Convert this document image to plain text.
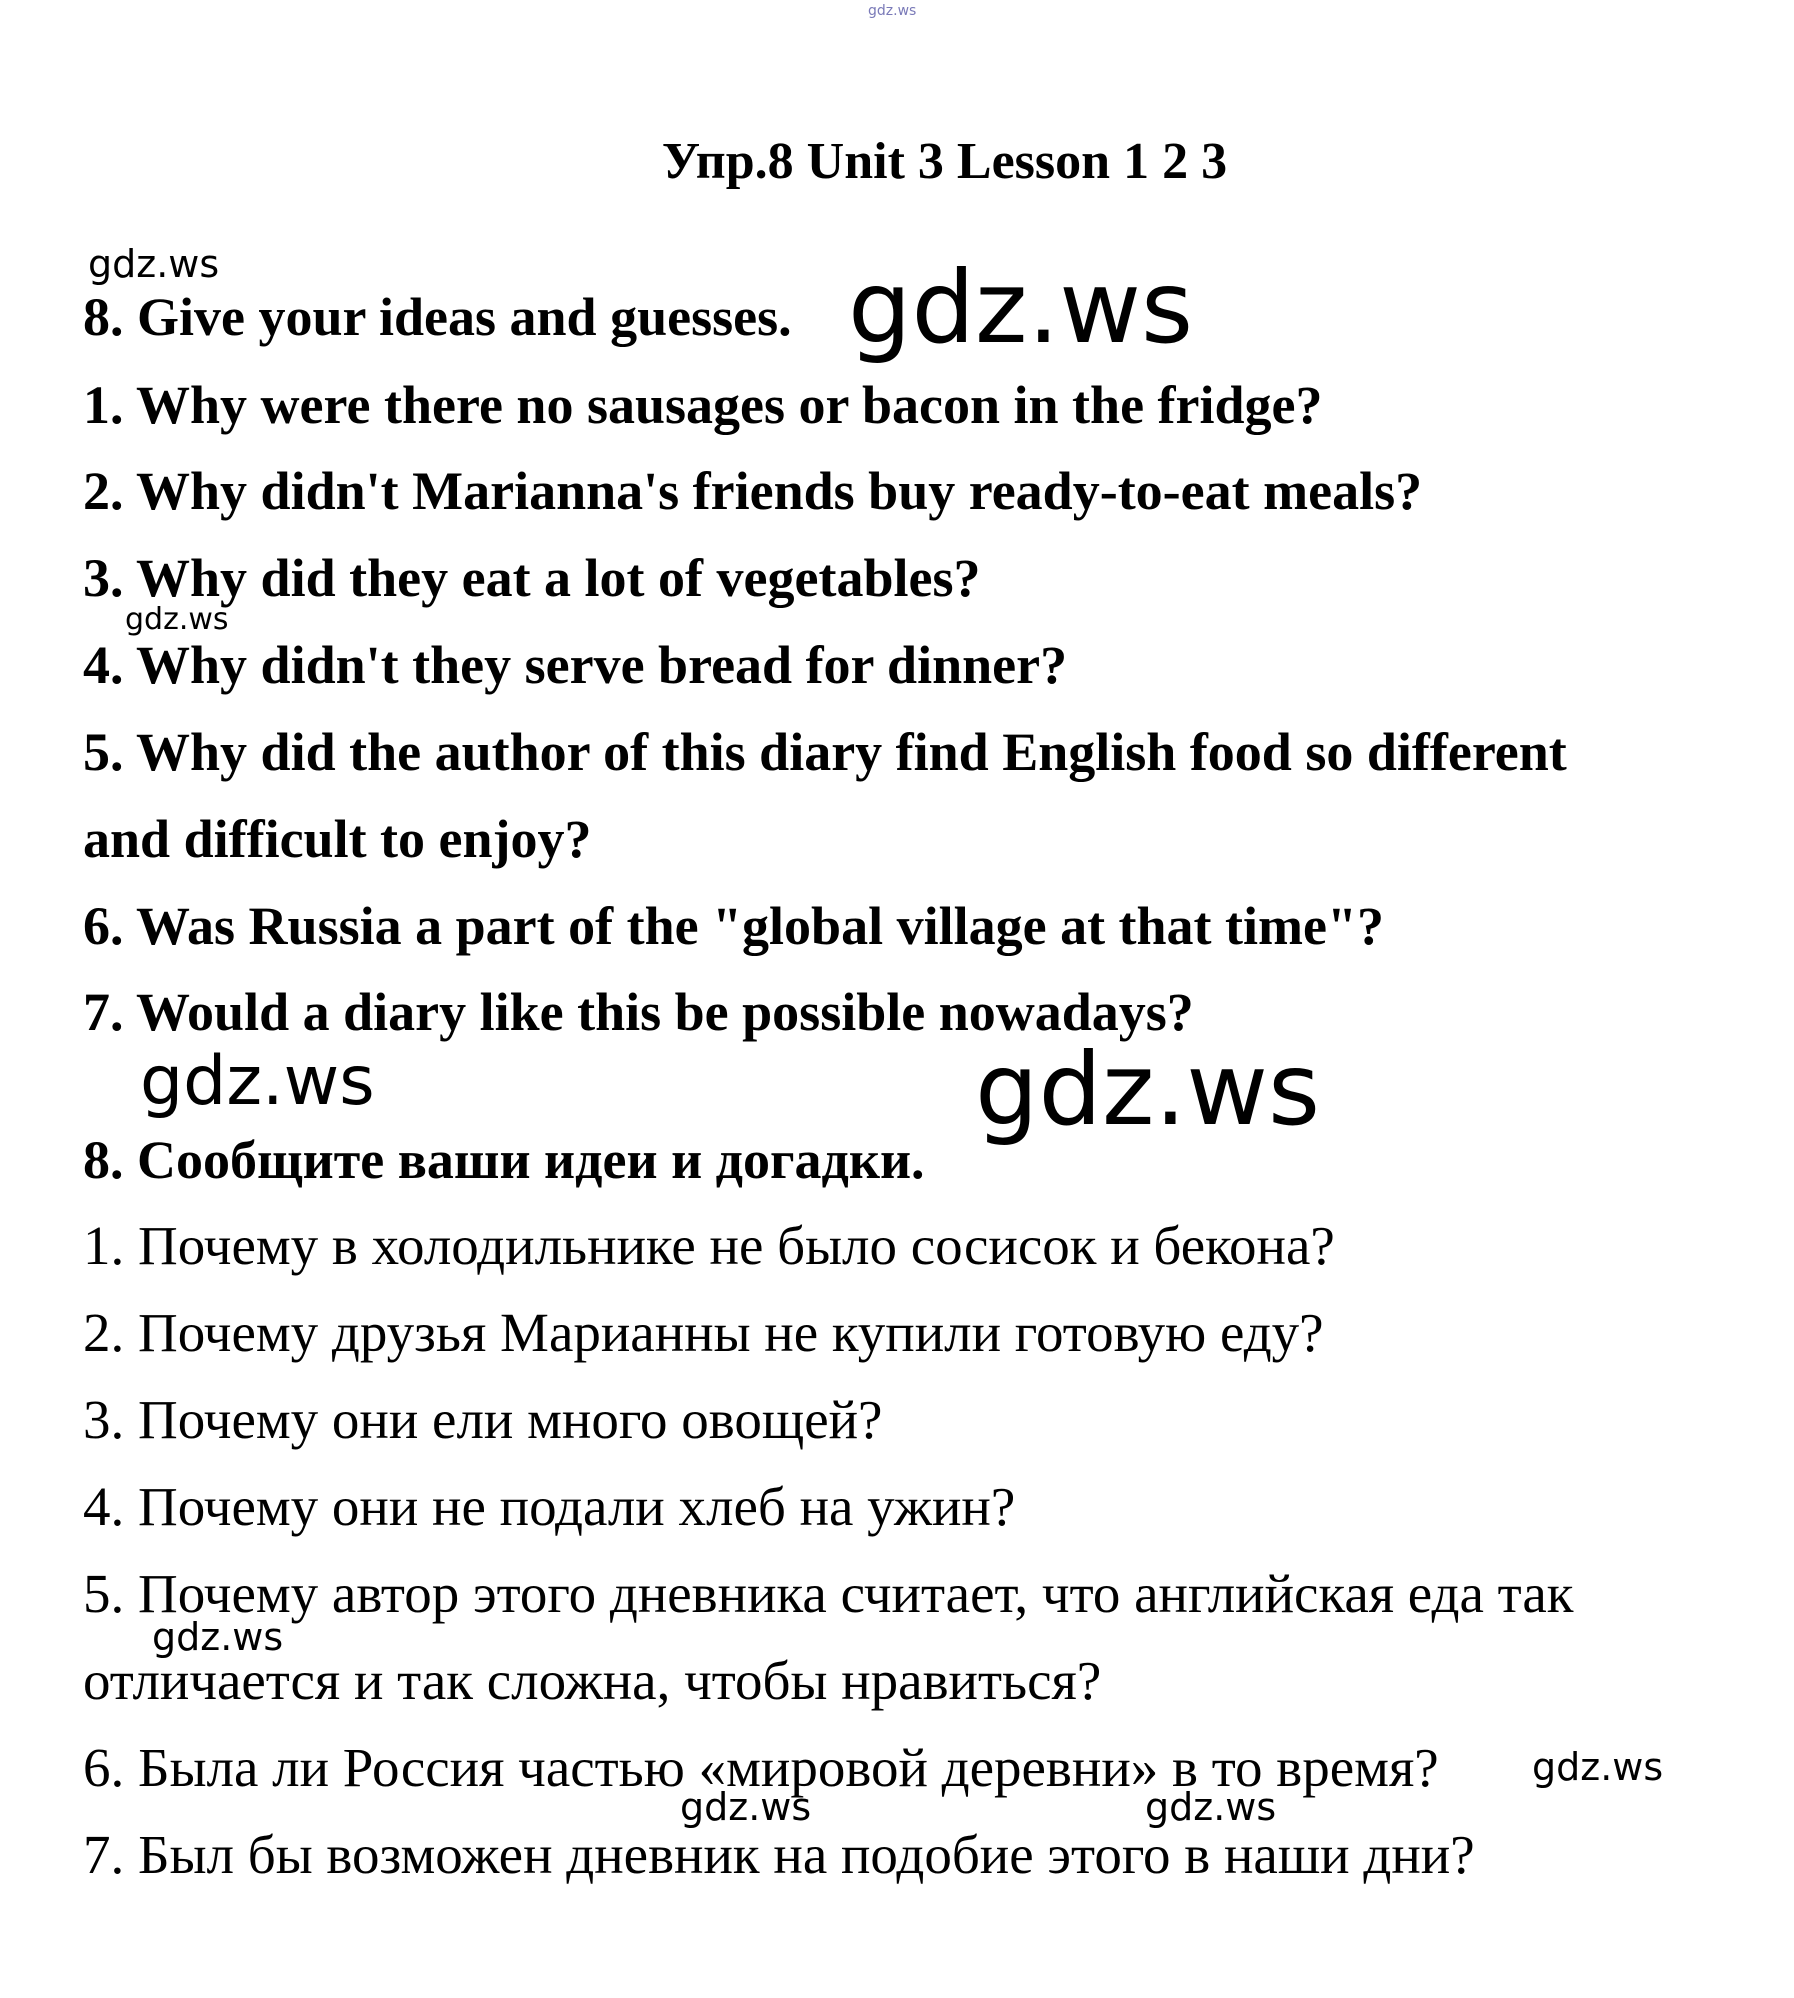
Упр.8 Unit 3 Lesson 1 2 3
8. Give your ideas and guesses.
1. Why were there no sausages or bacon in the fridge?
2. Why didn't Marianna's friends buy ready-to-eat meals?
3. Why did they eat a lot of vegetables?
4. Why didn't they serve bread for dinner?
5. Why did the author of this diary find English food so different
and difficult to enjoy?
6. Was Russia a part of the "global village at that time"?
7. Would a diary like this be possible nowadays?
8. Сообщите ваши идеи и догадки.
1. Почему в холодильнике не было сосисок и бекона?
2. Почему друзья Марианны не купили готовую еду?
3. Почему они ели много овощей?
4. Почему они не подали хлеб на ужин?
5. Почему автор этого дневника считает, что английская еда так
отличается и так сложна, чтобы нравиться?
6. Была ли Россия частью «мировой деревни» в то время?
7. Был бы возможен дневник на подобие этого в наши дни?
gdz.ws
gdz.ws	gdz.ws
gdz.ws
gdz.ws	gdz.ws
gdz.ws
gdz.ws
gdz.ws	gdz.ws
